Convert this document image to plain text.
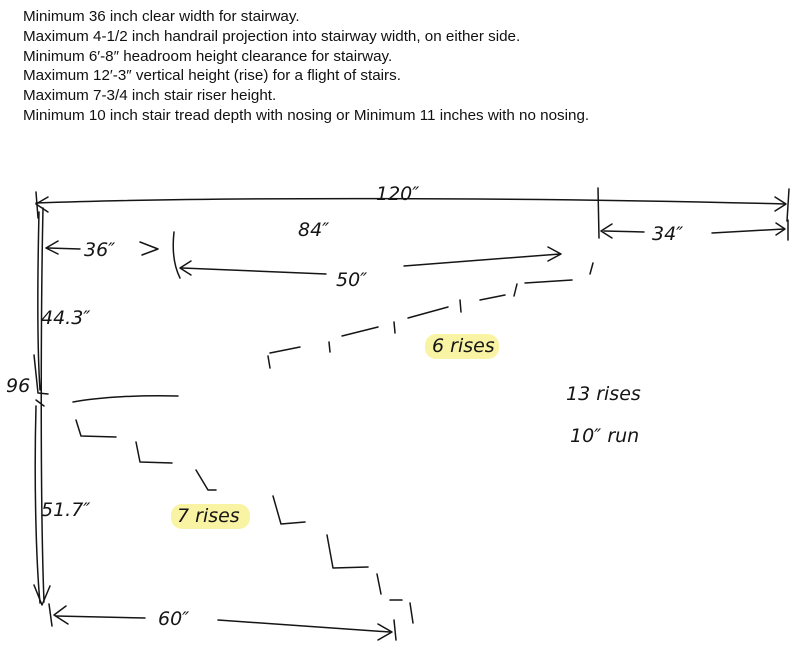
Minimum 36 inch clear width for stairway.
Maximum 4-1/2 inch handrail projection into stairway width, on either side.
Minimum 6′-8″ headroom height clearance for stairway.
Maximum 12′-3″ vertical height (rise) for a flight of stairs.
Maximum 7-3/4 inch stair riser height.
Minimum 10 inch stair tread depth with nosing or Minimum 11 inches with no nosing.
120″
84″
36″
50″
34″
44.3″
96
51.7″
60″
6 rises
7 rises
13 rises
10″ run
